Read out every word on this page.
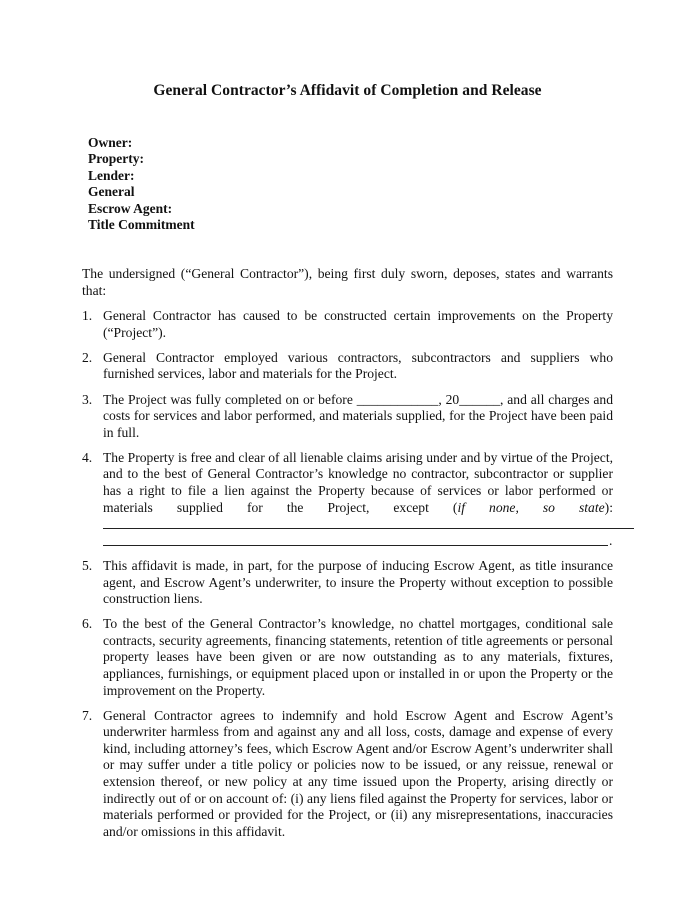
General Contractor’s Affidavit of Completion and Release
Owner:
Property:
Lender:
General
Escrow Agent:
Title Commitment

The undersigned (“General Contractor”), being first duly sworn, deposes, states and warrants that:

1. General Contractor has caused to be constructed certain improvements on the Property (“Project”).
2. General Contractor employed various contractors, subcontractors and suppliers who furnished services, labor and materials for the Project.
3. The Project was fully completed on or before ____________, 20______, and all charges and costs for services and labor performed, and materials supplied, for the Project have been paid in full.
4. The Property is free and clear of all lienable claims arising under and by virtue of the Project, and to the best of General Contractor’s knowledge no contractor, subcontractor or supplier has a right to file a lien against the Property because of services or labor performed or materials supplied for the Project, except (if none, so state):
.
5. This affidavit is made, in part, for the purpose of inducing Escrow Agent, as title insurance agent, and Escrow Agent’s underwriter, to insure the Property without exception to possible construction liens.
6. To the best of the General Contractor’s knowledge, no chattel mortgages, conditional sale contracts, security agreements, financing statements, retention of title agreements or personal property leases have been given or are now outstanding as to any materials, fixtures, appliances, furnishings, or equipment placed upon or installed in or upon the Property or the improvement on the Property.
7. General Contractor agrees to indemnify and hold Escrow Agent and Escrow Agent’s underwriter harmless from and against any and all loss, costs, damage and expense of every kind, including attorney’s fees, which Escrow Agent and/or Escrow Agent’s underwriter shall or may suffer under a title policy or policies now to be issued, or any reissue, renewal or extension thereof, or new policy at any time issued upon the Property, arising directly or indirectly out of or on account of: (i) any liens filed against the Property for services, labor or materials performed or provided for the Project, or (ii) any misrepresentations, inaccuracies and/or omissions in this affidavit.
